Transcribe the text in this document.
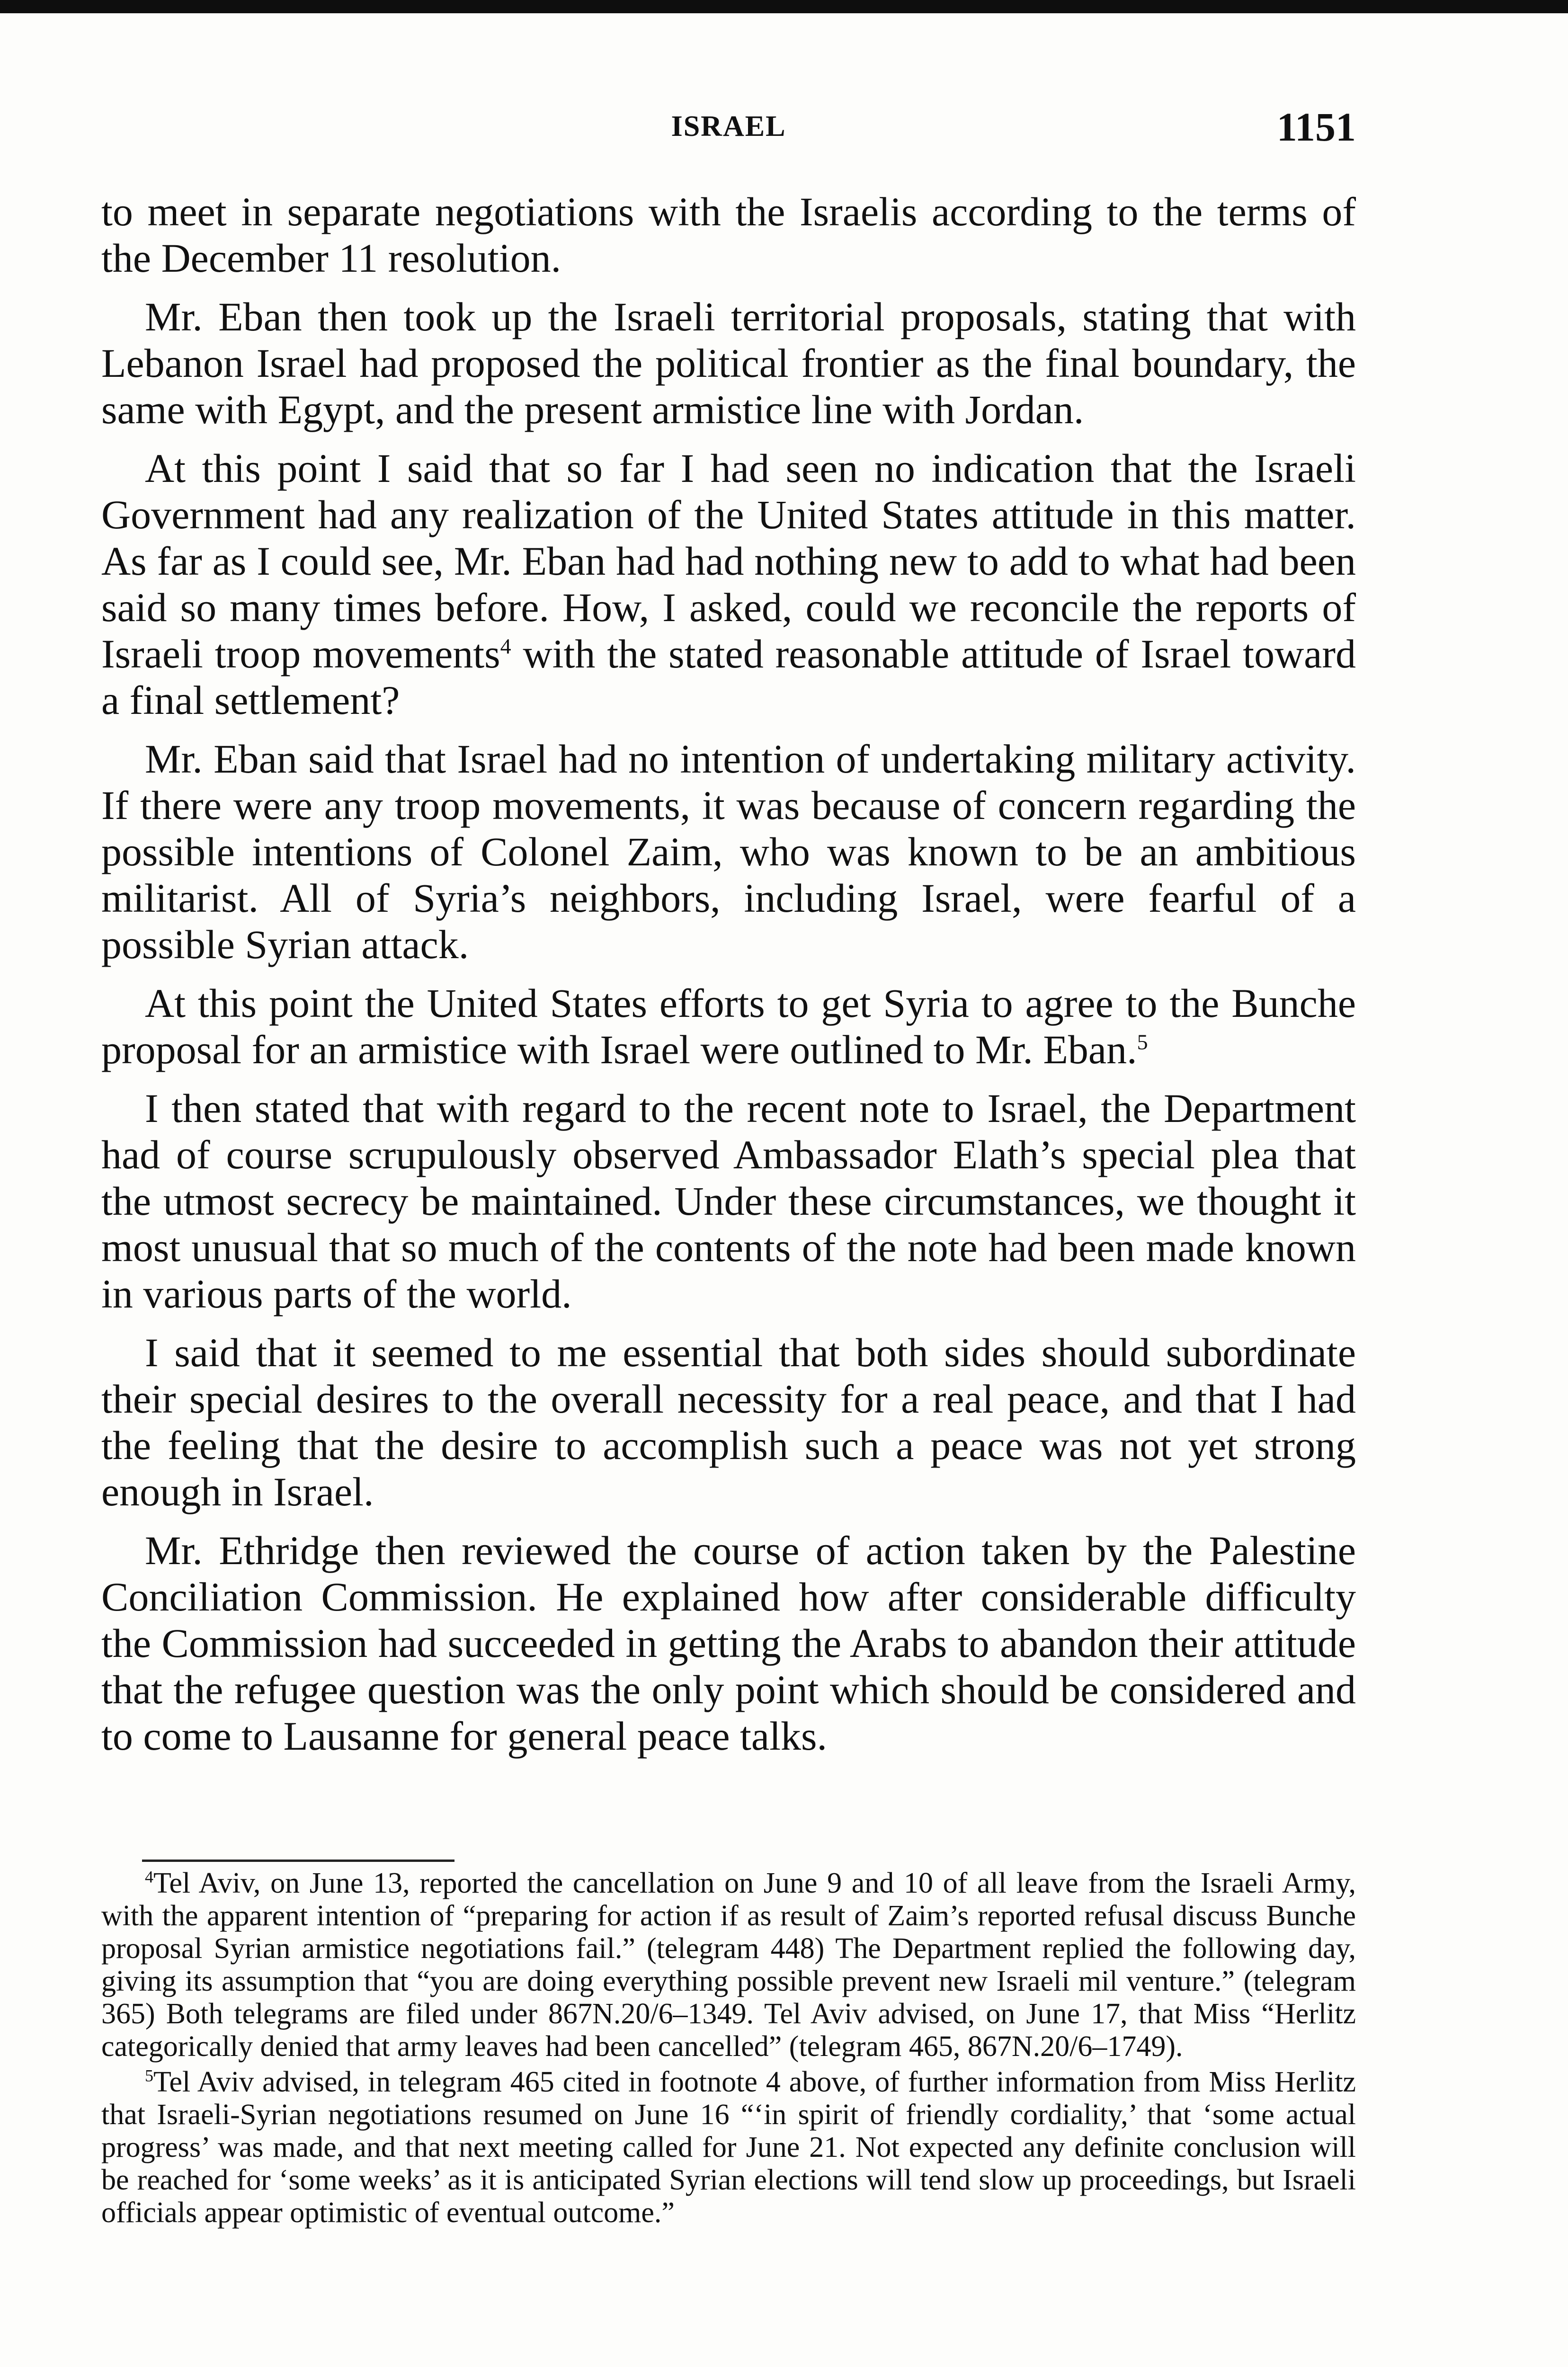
ISRAEL	1151

to meet in separate negotiations with the Israelis according to the terms of the December 11 resolution.

Mr. Eban then took up the Israeli territorial proposals, stating that with Lebanon Israel had proposed the political frontier as the final boundary, the same with Egypt, and the present armistice line with Jordan.

At this point I said that so far I had seen no indication that the Israeli Government had any realization of the United States attitude in this matter. As far as I could see, Mr. Eban had had nothing new to add to what had been said so many times before. How, I asked, could we reconcile the reports of Israeli troop movements$^4$ with the stated reasonable attitude of Israel toward a final settlement?

Mr. Eban said that Israel had no intention of undertaking military activity. If there were any troop movements, it was because of concern regarding the possible intentions of Colonel Zaim, who was known to be an ambitious militarist. All of Syria’s neighbors, including Israel, were fearful of a possible Syrian attack.

At this point the United States efforts to get Syria to agree to the Bunche proposal for an armistice with Israel were outlined to Mr. Eban.$^5$

I then stated that with regard to the recent note to Israel, the Department had of course scrupulously observed Ambassador Elath’s special plea that the utmost secrecy be maintained. Under these circumstances, we thought it most unusual that so much of the contents of the note had been made known in various parts of the world.

I said that it seemed to me essential that both sides should subordinate their special desires to the overall necessity for a real peace, and that I had the feeling that the desire to accomplish such a peace was not yet strong enough in Israel.

Mr. Ethridge then reviewed the course of action taken by the Palestine Conciliation Commission. He explained how after considerable difficulty the Commission had succeeded in getting the Arabs to abandon their attitude that the refugee question was the only point which should be considered and to come to Lausanne for general peace talks.

$^4$Tel Aviv, on June 13, reported the cancellation on June 9 and 10 of all leave from the Israeli Army, with the apparent intention of “preparing for action if as result of Zaim’s reported refusal discuss Bunche proposal Syrian armistice negotiations fail.” (telegram 448) The Department replied the following day, giving its assumption that “you are doing everything possible prevent new Israeli mil venture.” (telegram 365) Both telegrams are filed under 867N.20/6–1349. Tel Aviv advised, on June 17, that Miss “Herlitz categorically denied that army leaves had been cancelled” (telegram 465, 867N.20/6–1749).

$^5$Tel Aviv advised, in telegram 465 cited in footnote 4 above, of further information from Miss Herlitz that Israeli-Syrian negotiations resumed on June 16 “‘in spirit of friendly cordiality,’ that ‘some actual progress’ was made, and that next meeting called for June 21. Not expected any definite conclusion will be reached for ‘some weeks’ as it is anticipated Syrian elections will tend slow up proceedings, but Israeli officials appear optimistic of eventual outcome.”
